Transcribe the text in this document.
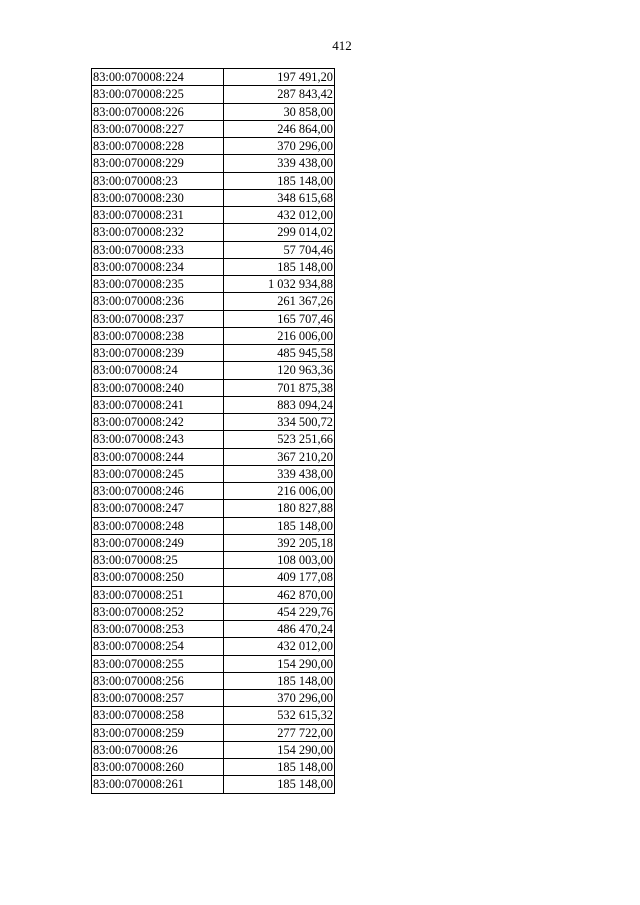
412
83:00:070008:224	197 491,20
83:00:070008:225	287 843,42
83:00:070008:226	30 858,00
83:00:070008:227	246 864,00
83:00:070008:228	370 296,00
83:00:070008:229	339 438,00
83:00:070008:23	185 148,00
83:00:070008:230	348 615,68
83:00:070008:231	432 012,00
83:00:070008:232	299 014,02
83:00:070008:233	57 704,46
83:00:070008:234	185 148,00
83:00:070008:235	1 032 934,88
83:00:070008:236	261 367,26
83:00:070008:237	165 707,46
83:00:070008:238	216 006,00
83:00:070008:239	485 945,58
83:00:070008:24	120 963,36
83:00:070008:240	701 875,38
83:00:070008:241	883 094,24
83:00:070008:242	334 500,72
83:00:070008:243	523 251,66
83:00:070008:244	367 210,20
83:00:070008:245	339 438,00
83:00:070008:246	216 006,00
83:00:070008:247	180 827,88
83:00:070008:248	185 148,00
83:00:070008:249	392 205,18
83:00:070008:25	108 003,00
83:00:070008:250	409 177,08
83:00:070008:251	462 870,00
83:00:070008:252	454 229,76
83:00:070008:253	486 470,24
83:00:070008:254	432 012,00
83:00:070008:255	154 290,00
83:00:070008:256	185 148,00
83:00:070008:257	370 296,00
83:00:070008:258	532 615,32
83:00:070008:259	277 722,00
83:00:070008:26	154 290,00
83:00:070008:260	185 148,00
83:00:070008:261	185 148,00
